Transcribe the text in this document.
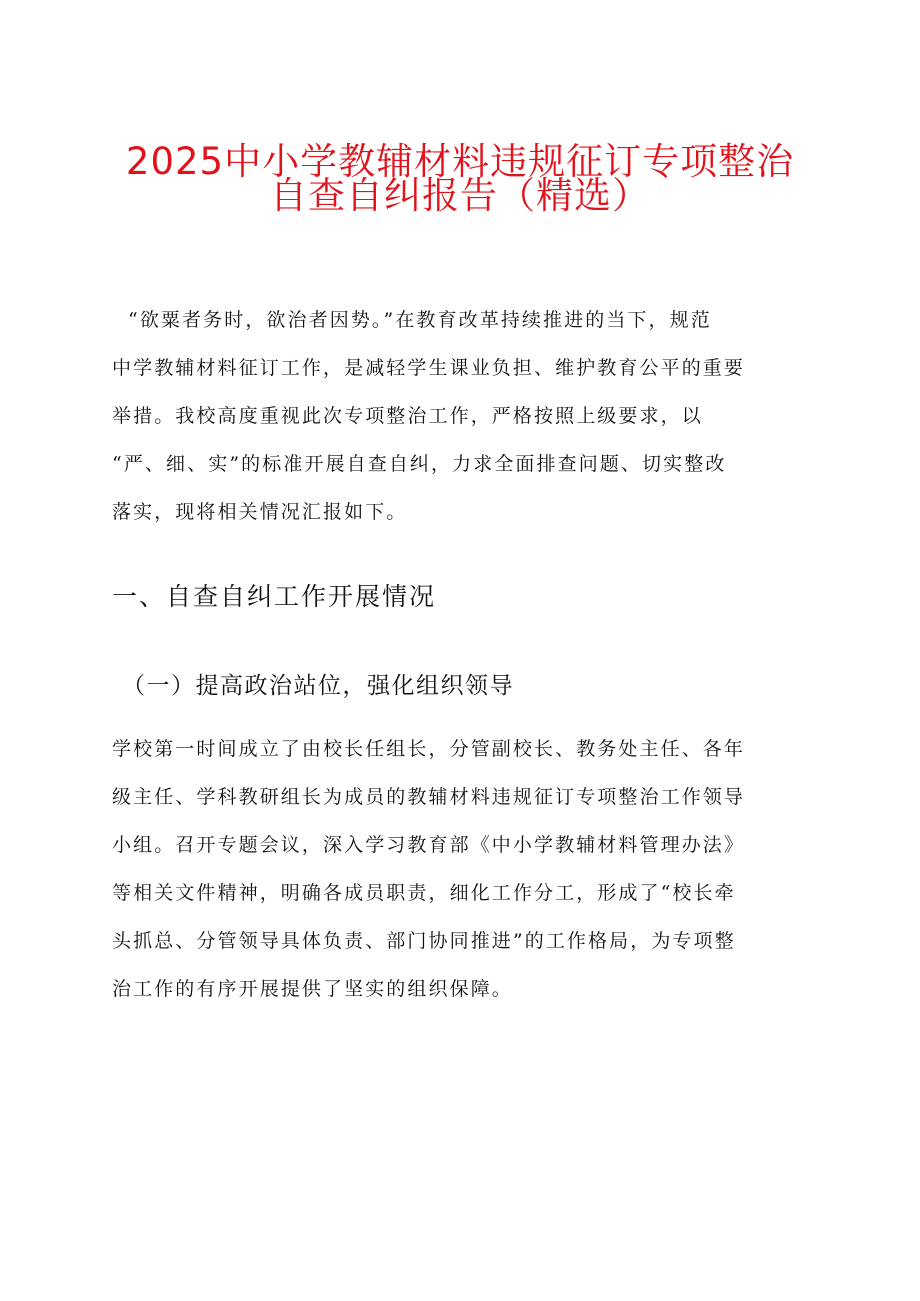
2025中小学教辅材料违规征订专项整治
自查自纠报告（精选）

“欲粟者务时，欲治者因势。”在教育改革持续推进的当下，规范
中学教辅材料征订工作，是减轻学生课业负担、维护教育公平的重要
举措。我校高度重视此次专项整治工作，严格按照上级要求，以
“严、细、实”的标准开展自查自纠，力求全面排查问题、切实整改
落实，现将相关情况汇报如下。

一、自查自纠工作开展情况
（一）提高政治站位，强化组织领导

学校第一时间成立了由校长任组长，分管副校长、教务处主任、各年
级主任、学科教研组长为成员的教辅材料违规征订专项整治工作领导
小组。召开专题会议，深入学习教育部《中小学教辅材料管理办法》
等相关文件精神，明确各成员职责，细化工作分工，形成了“校长牵
头抓总、分管领导具体负责、部门协同推进”的工作格局，为专项整
治工作的有序开展提供了坚实的组织保障。
